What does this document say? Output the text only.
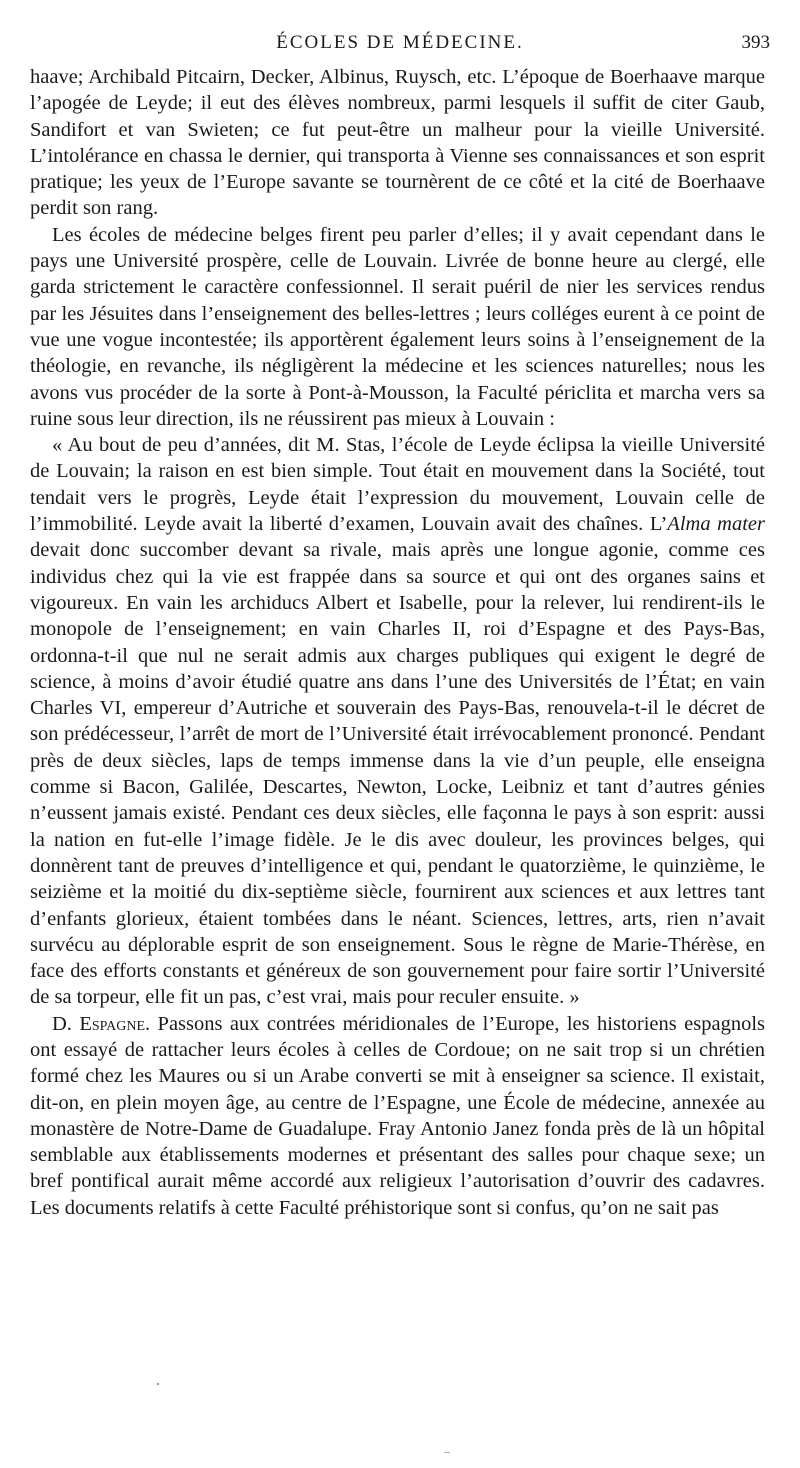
ÉCOLES DE MÉDECINE.	393

haave; Archibald Pitcairn, Decker, Albinus, Ruysch, etc. L’époque de Boerhaave marque l’apogée de Leyde; il eut des élèves nombreux, parmi lesquels il suffit de citer Gaub, Sandifort et van Swieten; ce fut peut-être un malheur pour la vieille Université. L’intolérance en chassa le dernier, qui transporta à Vienne ses connaissances et son esprit pratique; les yeux de l’Europe savante se tournèrent de ce côté et la cité de Boerhaave perdit son rang.

Les écoles de médecine belges firent peu parler d’elles; il y avait cependant dans le pays une Université prospère, celle de Louvain. Livrée de bonne heure au clergé, elle garda strictement le caractère confessionnel. Il serait puéril de nier les services rendus par les Jésuites dans l’enseignement des belles-lettres ; leurs colléges eurent à ce point de vue une vogue incontestée; ils apportèrent également leurs soins à l’enseignement de la théologie, en revanche, ils négligèrent la médecine et les sciences naturelles; nous les avons vus procéder de la sorte à Pont-à-Mousson, la Faculté périclita et marcha vers sa ruine sous leur direction, ils ne réussirent pas mieux à Louvain :

« Au bout de peu d’années, dit M. Stas, l’école de Leyde éclipsa la vieille Université de Louvain; la raison en est bien simple. Tout était en mouvement dans la Société, tout tendait vers le progrès, Leyde était l’expression du mouvement, Louvain celle de l’immobilité. Leyde avait la liberté d’examen, Louvain avait des chaînes. L’Alma mater devait donc succomber devant sa rivale, mais après une longue agonie, comme ces individus chez qui la vie est frappée dans sa source et qui ont des organes sains et vigoureux. En vain les archiducs Albert et Isabelle, pour la relever, lui rendirent-ils le monopole de l’enseignement; en vain Charles II, roi d’Espagne et des Pays-Bas, ordonna-t-il que nul ne serait admis aux charges publiques qui exigent le degré de science, à moins d’avoir étudié quatre ans dans l’une des Universités de l’État; en vain Charles VI, empereur d’Autriche et souverain des Pays-Bas, renouvela-t-il le décret de son prédécesseur, l’arrêt de mort de l’Université était irrévocablement prononcé. Pendant près de deux siècles, laps de temps immense dans la vie d’un peuple, elle enseigna comme si Bacon, Galilée, Descartes, Newton, Locke, Leibniz et tant d’autres génies n’eussent jamais existé. Pendant ces deux siècles, elle façonna le pays à son esprit: aussi la nation en fut-elle l’image fidèle. Je le dis avec douleur, les provinces belges, qui donnèrent tant de preuves d’intelligence et qui, pendant le quatorzième, le quinzième, le seizième et la moitié du dix-septième siècle, fournirent aux sciences et aux lettres tant d’enfants glorieux, étaient tombées dans le néant. Sciences, lettres, arts, rien n’avait survécu au déplorable esprit de son enseignement. Sous le règne de Marie-Thérèse, en face des efforts constants et généreux de son gouvernement pour faire sortir l’Université de sa torpeur, elle fit un pas, c’est vrai, mais pour reculer ensuite. »

D. Espagne. Passons aux contrées méridionales de l’Europe, les historiens espagnols ont essayé de rattacher leurs écoles à celles de Cordoue; on ne sait trop si un chrétien formé chez les Maures ou si un Arabe converti se mit à enseigner sa science. Il existait, dit-on, en plein moyen âge, au centre de l’Espagne, une École de médecine, annexée au monastère de Notre-Dame de Guadalupe. Fray Antonio Janez fonda près de là un hôpital semblable aux établissements modernes et présentant des salles pour chaque sexe; un bref pontifical aurait même accordé aux religieux l’autorisation d’ouvrir des cadavres. Les documents relatifs à cette Faculté préhistorique sont si confus, qu’on ne sait pas
